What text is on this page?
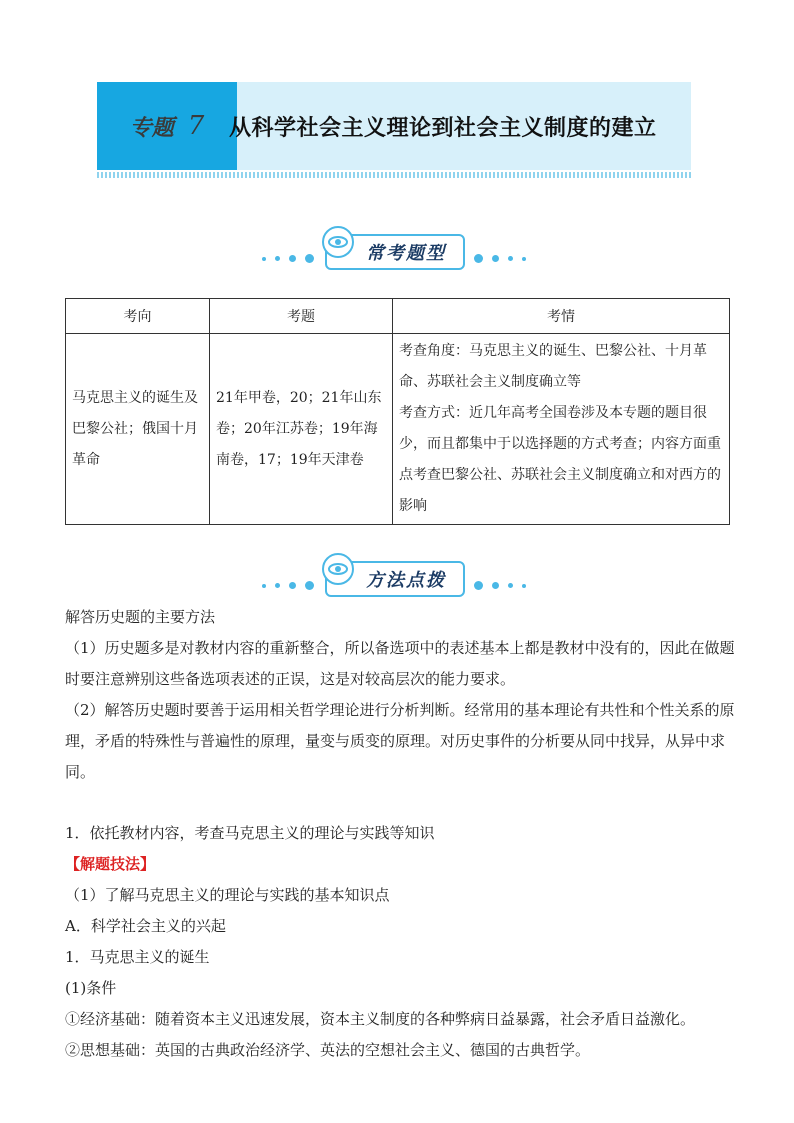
专题 7 从科学社会主义理论到社会主义制度的建立
常考题型
考向	考题	考情
马克思主义的诞生及巴黎公社；俄国十月革命	21年甲卷，20；21年山东卷；20年江苏卷；19年海南卷，17；19年天津卷	考查角度：马克思主义的诞生、巴黎公社、十月革命、苏联社会主义制度确立等
考查方式：近几年高考全国卷涉及本专题的题目很少，而且都集中于以选择题的方式考查；内容方面重点考查巴黎公社、苏联社会主义制度确立和对西方的影响
方法点拨

解答历史题的主要方法

（1）历史题多是对教材内容的重新整合，所以备选项中的表述基本上都是教材中没有的，因此在做题时要注意辨别这些备选项表述的正误，这是对较高层次的能力要求。

（2）解答历史题时要善于运用相关哲学理论进行分析判断。经常用的基本理论有共性和个性关系的原理，矛盾的特殊性与普遍性的原理，量变与质变的原理。对历史事件的分析要从同中找异，从异中求同。

1．依托教材内容，考查马克思主义的理论与实践等知识

【解题技法】

（1）了解马克思主义的理论与实践的基本知识点

A．科学社会主义的兴起

1．马克思主义的诞生

(1)条件

①经济基础：随着资本主义迅速发展，资本主义制度的各种弊病日益暴露，社会矛盾日益激化。

②思想基础：英国的古典政治经济学、英法的空想社会主义、德国的古典哲学。
